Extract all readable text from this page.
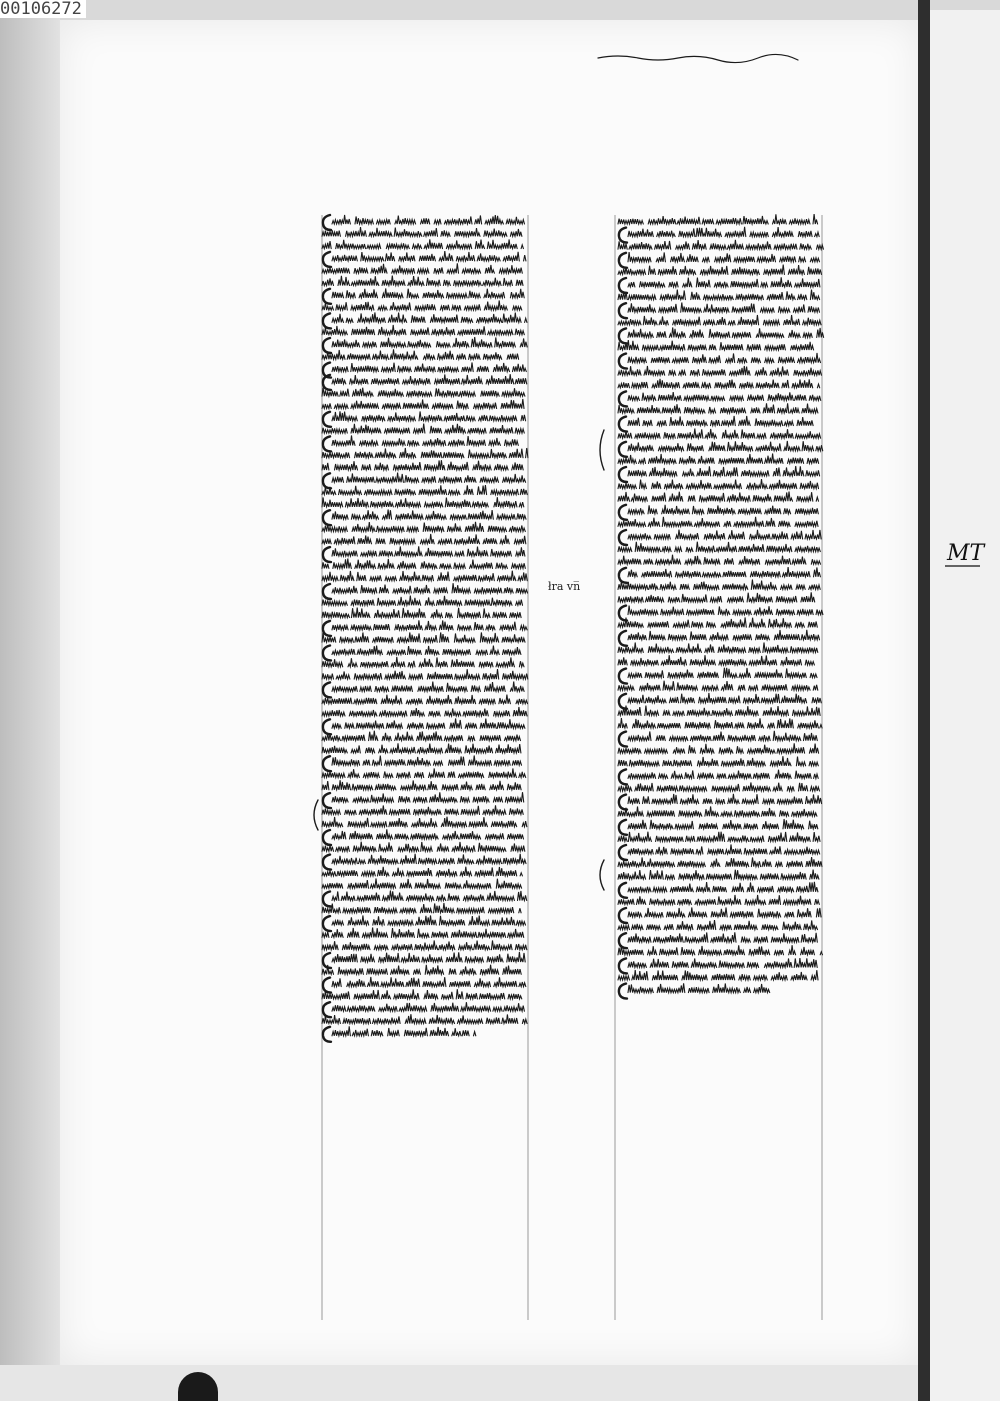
00106272
łra vn̅
MT
